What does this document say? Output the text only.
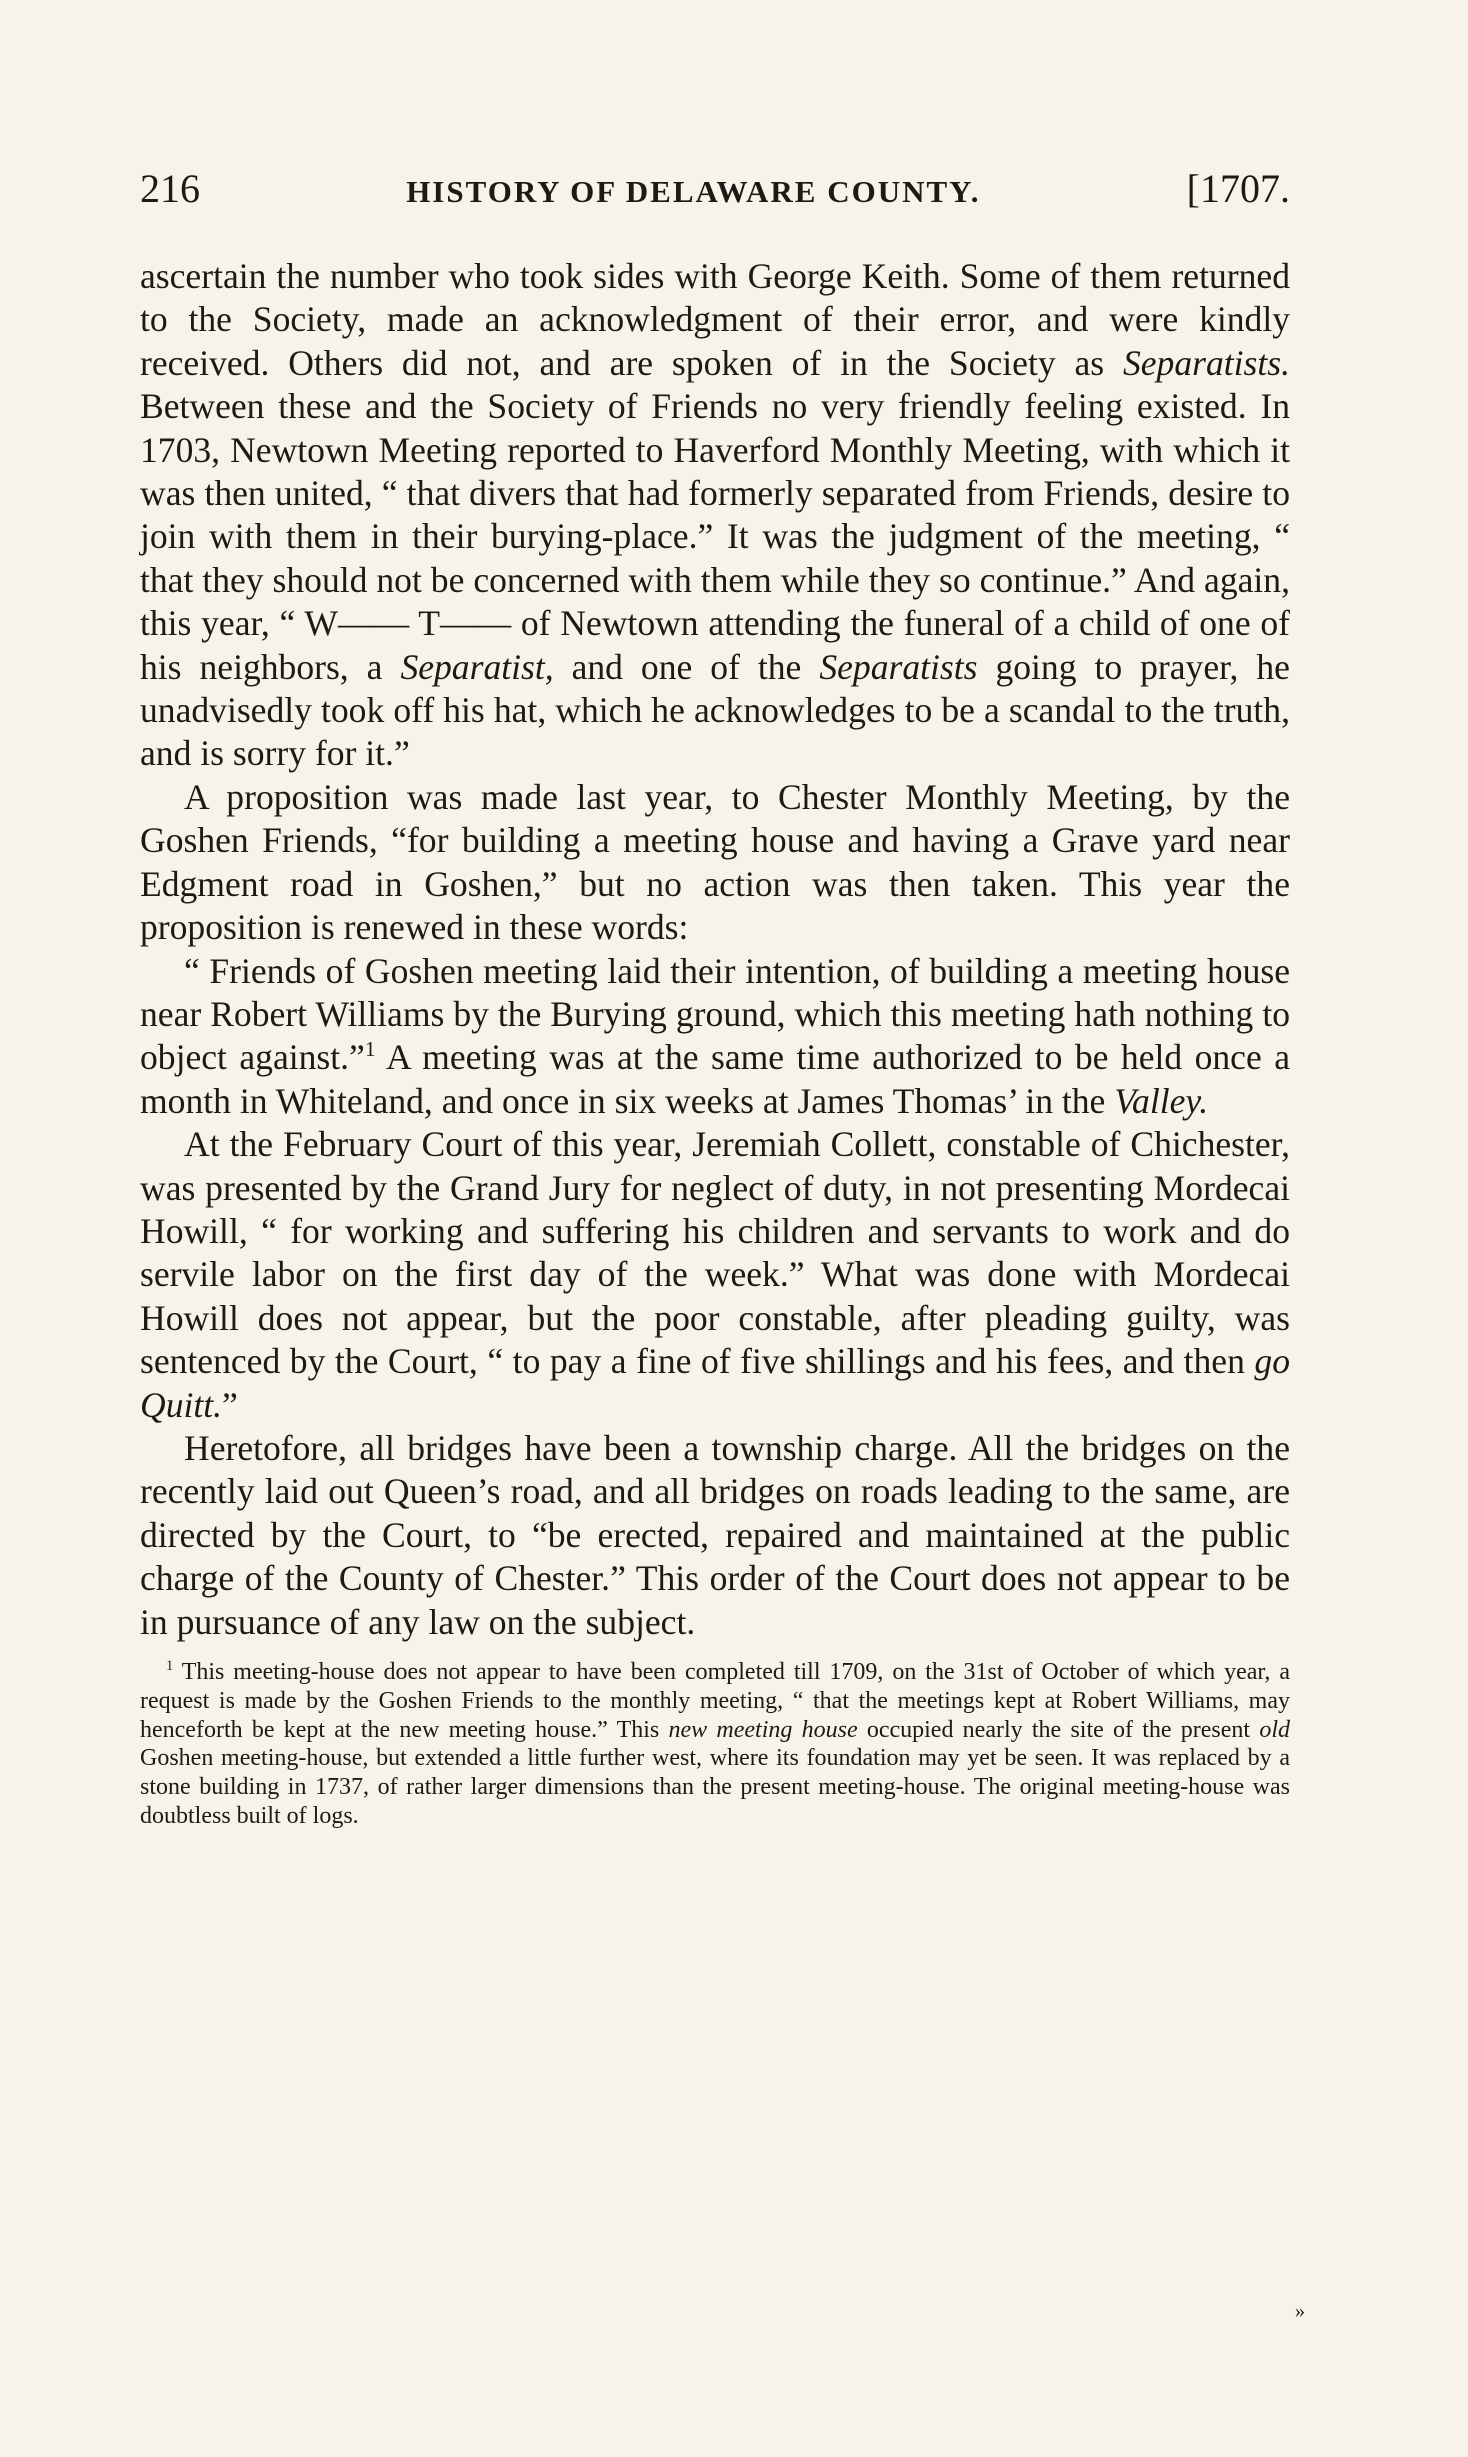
216	HISTORY OF DELAWARE COUNTY.	[1707.

ascertain the number who took sides with George Keith. Some of them returned to the Society, made an acknowledgment of their error, and were kindly received. Others did not, and are spoken of in the Society as Separatists. Between these and the Society of Friends no very friendly feeling existed. In 1703, Newtown Meeting reported to Haverford Monthly Meeting, with which it was then united, “ that divers that had formerly separated from Friends, desire to join with them in their burying-place.” It was the judgment of the meeting, “ that they should not be concerned with them while they so continue.” And again, this year, “ W—— T—— of Newtown attending the funeral of a child of one of his neighbors, a Separatist, and one of the Separatists going to prayer, he unadvisedly took off his hat, which he acknowledges to be a scandal to the truth, and is sorry for it.”

A proposition was made last year, to Chester Monthly Meeting, by the Goshen Friends, “for building a meeting house and having a Grave yard near Edgment road in Goshen,” but no action was then taken. This year the proposition is renewed in these words:

“ Friends of Goshen meeting laid their intention, of building a meeting house near Robert Williams by the Burying ground, which this meeting hath nothing to object against.”$^1$ A meeting was at the same time authorized to be held once a month in Whiteland, and once in six weeks at James Thomas’ in the Valley.

At the February Court of this year, Jeremiah Collett, constable of Chichester, was presented by the Grand Jury for neglect of duty, in not presenting Mordecai Howill, “ for working and suffering his children and servants to work and do servile labor on the first day of the week.” What was done with Mordecai Howill does not appear, but the poor constable, after pleading guilty, was sentenced by the Court, “ to pay a fine of five shillings and his fees, and then go Quitt.”

Heretofore, all bridges have been a township charge. All the bridges on the recently laid out Queen’s road, and all bridges on roads leading to the same, are directed by the Court, to “be erected, repaired and maintained at the public charge of the County of Chester.” This order of the Court does not appear to be in pursuance of any law on the subject.

$^1$ This meeting-house does not appear to have been completed till 1709, on the 31st of October of which year, a request is made by the Goshen Friends to the monthly meeting, “ that the meetings kept at Robert Williams, may henceforth be kept at the new meeting house.” This new meeting house occupied nearly the site of the present old Goshen meeting-house, but extended a little further west, where its foundation may yet be seen. It was replaced by a stone building in 1737, of rather larger dimensions than the present meeting-house. The original meeting-house was doubtless built of logs.

»
